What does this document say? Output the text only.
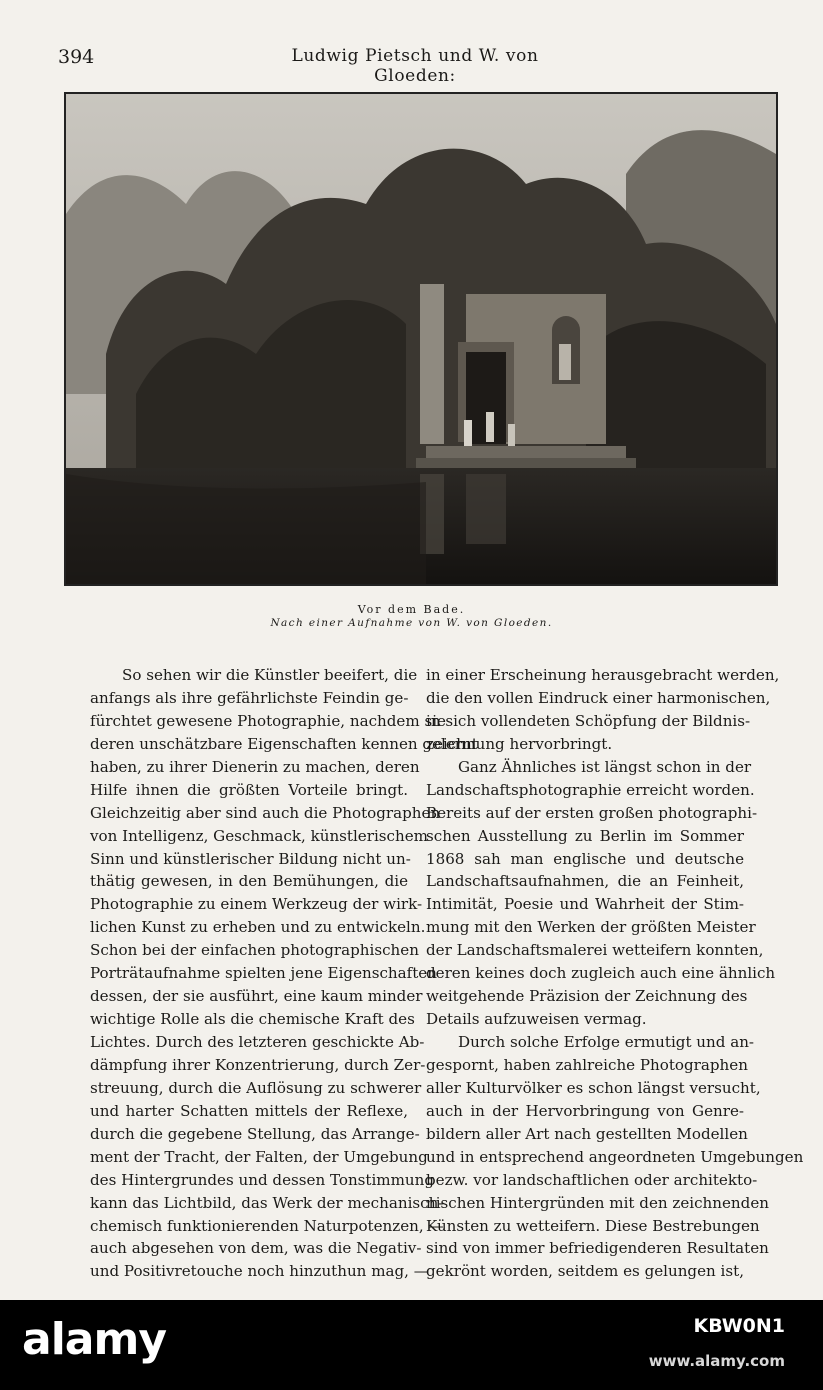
394	Ludwig Pietsch und W. von Gloeden:
Vor dem Bade.
Nach einer Aufnahme von W. von Gloeden.
So sehen wir die Künstler beeifert, die
anfangs als ihre gefährlichste Feindin ge-
fürchtet gewesene Photographie, nachdem sie
deren unschätzbare Eigenschaften kennen gelernt
haben, zu ihrer Dienerin zu machen, deren
Hilfe ihnen die größten Vorteile bringt.
Gleichzeitig aber sind auch die Photographen
von Intelligenz, Geschmack, künstlerischem
Sinn und künstlerischer Bildung nicht un-
thätig gewesen, in den Bemühungen, die
Photographie zu einem Werkzeug der wirk-
lichen Kunst zu erheben und zu entwickeln.
Schon bei der einfachen photographischen
Porträtaufnahme spielten jene Eigenschaften
dessen, der sie ausführt, eine kaum minder
wichtige Rolle als die chemische Kraft des
Lichtes. Durch des letzteren geschickte Ab-
dämpfung ihrer Konzentrierung, durch Zer-
streuung, durch die Auflösung zu schwerer
und harter Schatten mittels der Reflexe,
durch die gegebene Stellung, das Arrange-
ment der Tracht, der Falten, der Umgebung
des Hintergrundes und dessen Tonstimmung
kann das Lichtbild, das Werk der mechanisch-
chemisch funktionierenden Naturpotenzen, —
auch abgesehen von dem, was die Negativ-
und Positivretouche noch hinzuthun mag, —
in einer Erscheinung herausgebracht werden,
die den vollen Eindruck einer harmonischen,
in sich vollendeten Schöpfung der Bildnis-
zeichnung hervorbringt.
Ganz Ähnliches ist längst schon in der
Landschaftsphotographie erreicht worden.
Bereits auf der ersten großen photographi-
schen Ausstellung zu Berlin im Sommer
1868 sah man englische und deutsche
Landschaftsaufnahmen, die an Feinheit,
Intimität, Poesie und Wahrheit der Stim-
mung mit den Werken der größten Meister
der Landschaftsmalerei wetteifern konnten,
deren keines doch zugleich auch eine ähnlich
weitgehende Präzision der Zeichnung des
Details aufzuweisen vermag.
Durch solche Erfolge ermutigt und an-
gespornt, haben zahlreiche Photographen
aller Kulturvölker es schon längst versucht,
auch in der Hervorbringung von Genre-
bildern aller Art nach gestellten Modellen
und in entsprechend angeordneten Umgebungen
bezw. vor landschaftlichen oder architekto-
nischen Hintergründen mit den zeichnenden
Künsten zu wetteifern. Diese Bestrebungen
sind von immer befriedigenderen Resultaten
gekrönt worden, seitdem es gelungen ist,
alamy	KBW0N1
www.alamy.com
